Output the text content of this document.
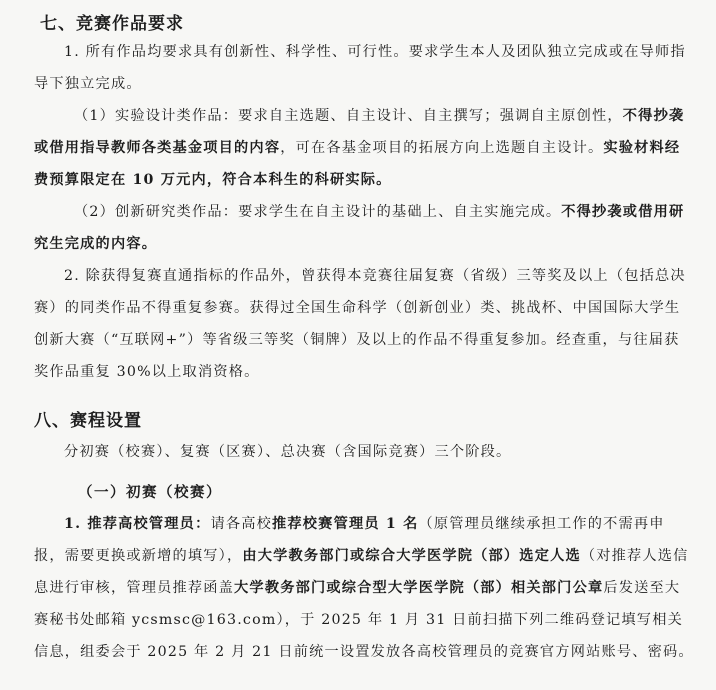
七、竞赛作品要求

1. 所有作品均要求具有创新性、科学性、可行性。要求学生本人及团队独立完成或在导师指导下独立完成。

（1）实验设计类作品：要求自主选题、自主设计、自主撰写；强调自主原创性，不得抄袭或借用指导教师各类基金项目的内容，可在各基金项目的拓展方向上选题自主设计。实验材料经费预算限定在 10 万元内，符合本科生的科研实际。

（2）创新研究类作品：要求学生在自主设计的基础上、自主实施完成。不得抄袭或借用研究生完成的内容。

2. 除获得复赛直通指标的作品外，曾获得本竞赛往届复赛（省级）三等奖及以上（包括总决赛）的同类作品不得重复参赛。获得过全国生命科学（创新创业）类、挑战杯、中国国际大学生创新大赛（“互联网+”）等省级三等奖（铜牌）及以上的作品不得重复参加。经查重，与往届获奖作品重复 30%以上取消资格。

八、赛程设置

分初赛（校赛）、复赛（区赛）、总决赛（含国际竞赛）三个阶段。

（一）初赛（校赛）

1. 推荐高校管理员：请各高校推荐校赛管理员 1 名（原管理员继续承担工作的不需再申报，需要更换或新增的填写），由大学教务部门或综合大学医学院（部）选定人选（对推荐人选信息进行审核，管理员推荐函盖大学教务部门或综合型大学医学院（部）相关部门公章后发送至大赛秘书处邮箱 ycsmsc@163.com），于 2025 年 1 月 31 日前扫描下列二维码登记填写相关信息，组委会于 2025 年 2 月 21 日前统一设置发放各高校管理员的竞赛官方网站账号、密码。
